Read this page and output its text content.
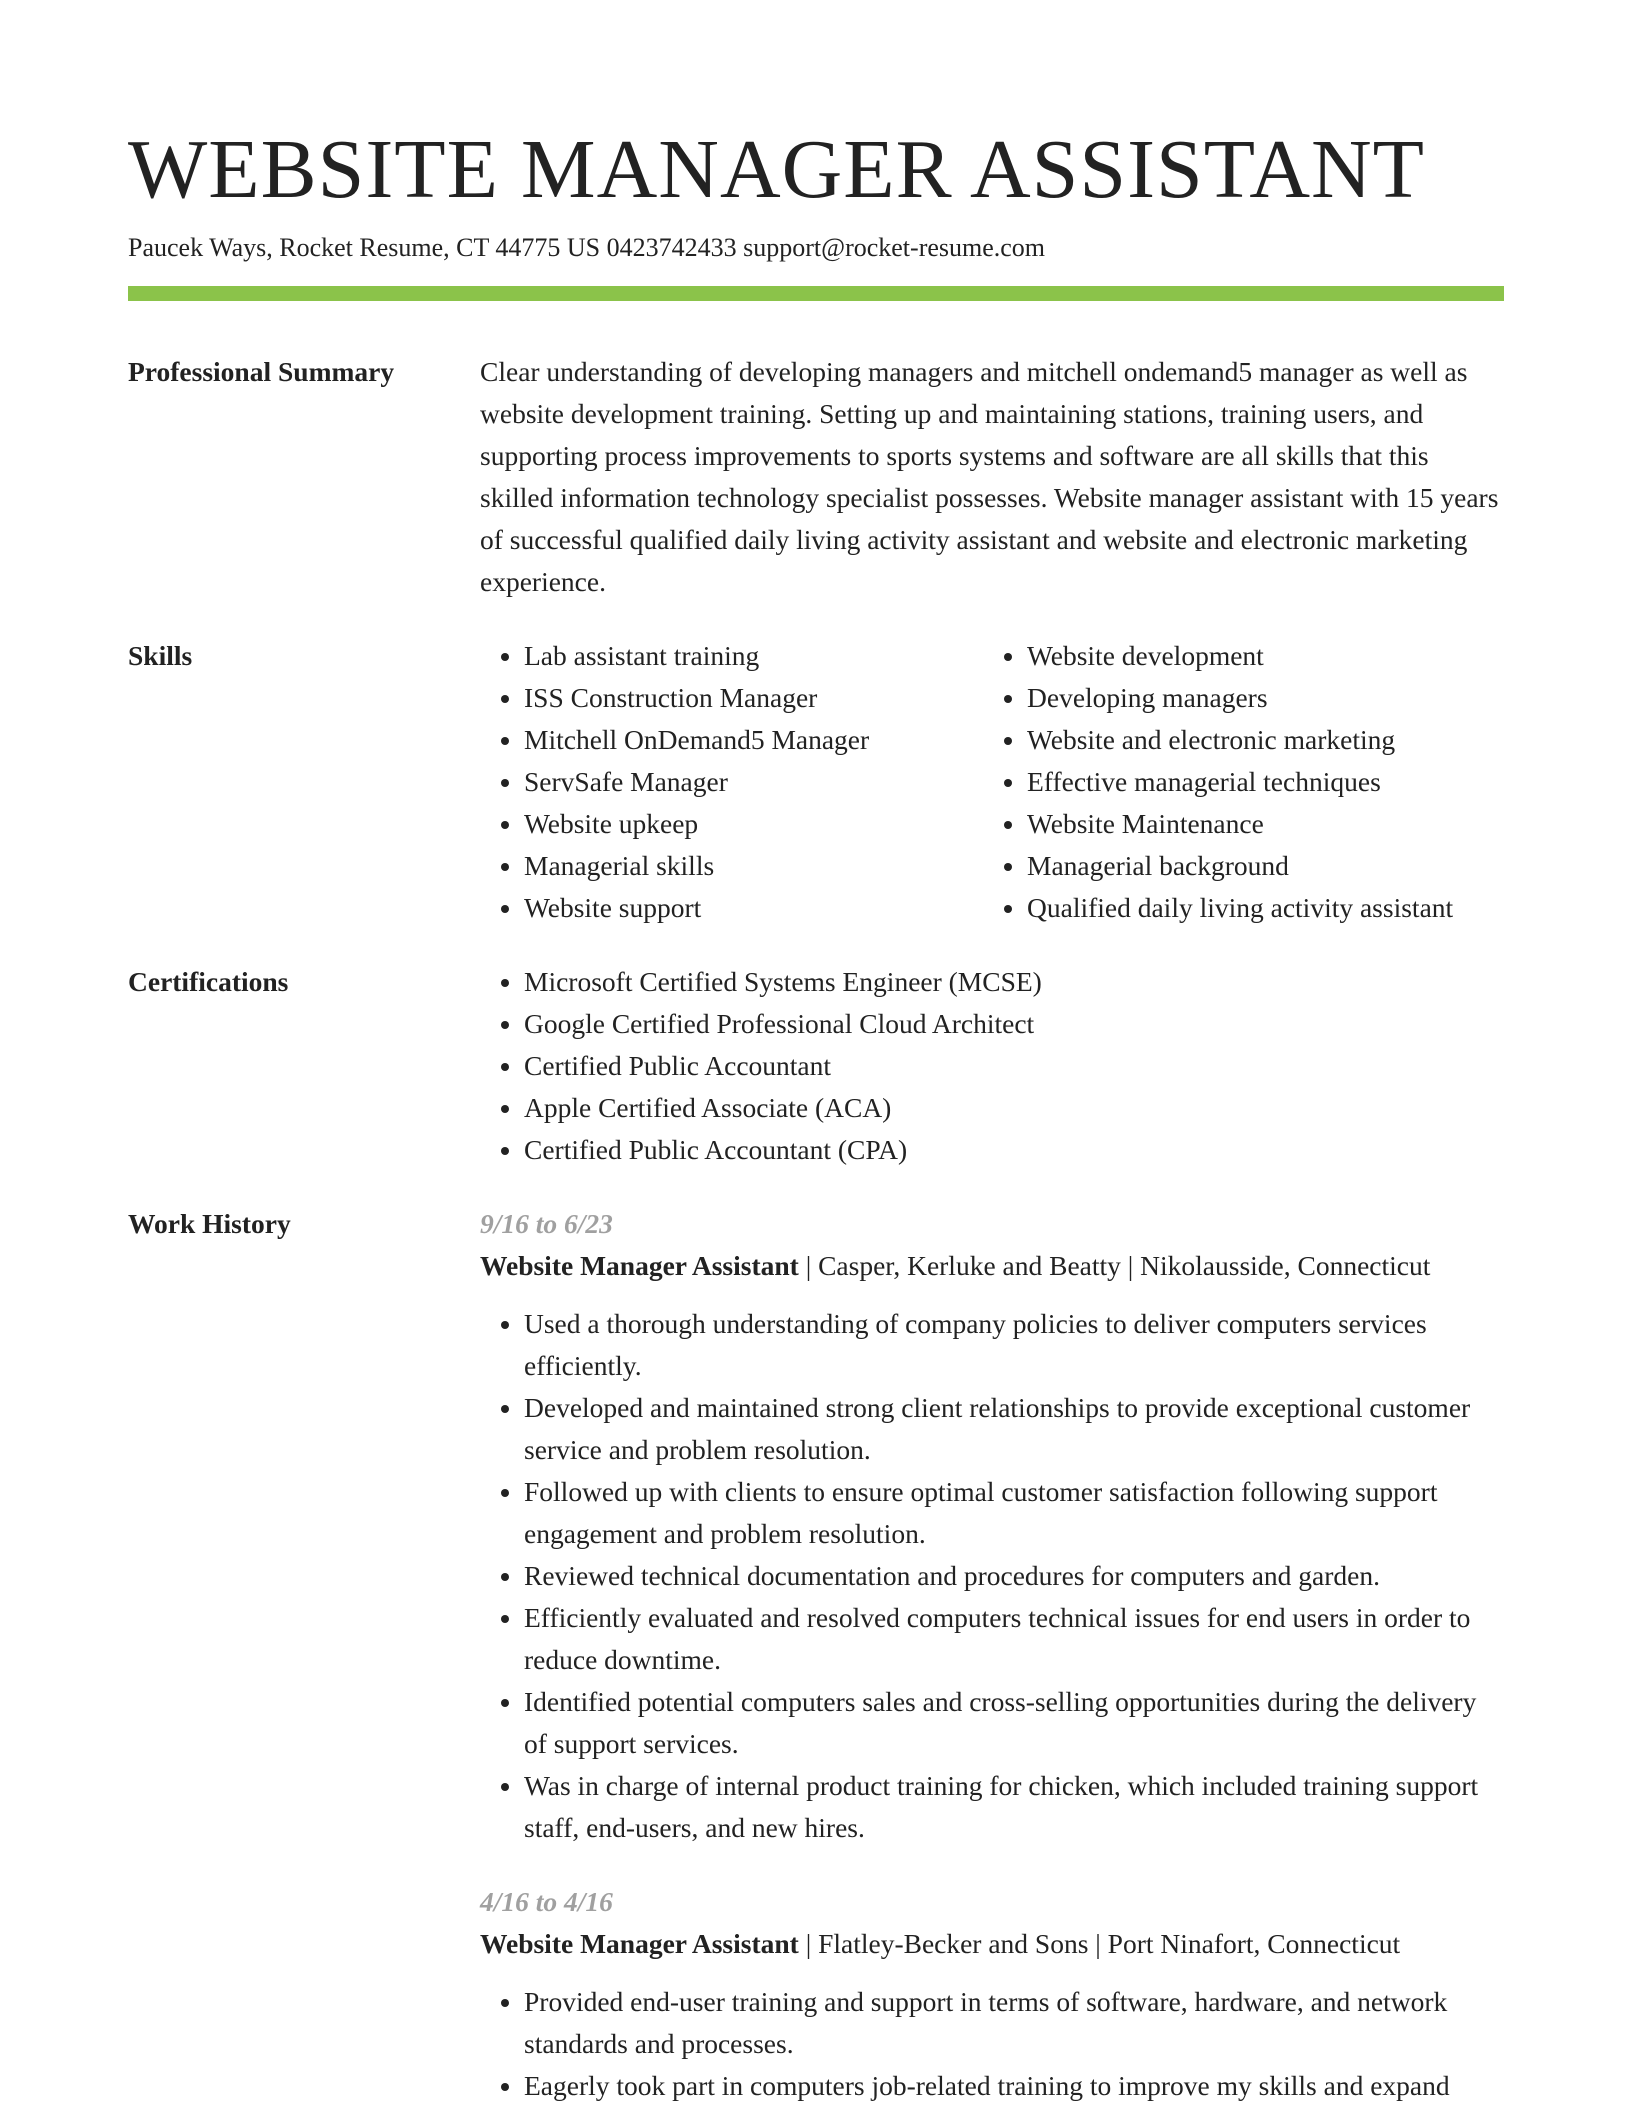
WEBSITE MANAGER ASSISTANT
Paucek Ways, Rocket Resume, CT 44775 US 0423742433 support@rocket-resume.com
Professional Summary	Clear understanding of developing managers and mitchell ondemand5 manager as well as website development training. Setting up and maintaining stations, training users, and supporting process improvements to sports systems and software are all skills that this skilled information technology specialist possesses. Website manager assistant with 15 years of successful qualified daily living activity assistant and website and electronic marketing experience.
Skills	• Lab assistant training
• ISS Construction Manager
• Mitchell OnDemand5 Manager
• ServSafe Manager
• Website upkeep
• Managerial skills
• Website support
• Website development
• Developing managers
• Website and electronic marketing
• Effective managerial techniques
• Website Maintenance
• Managerial background
• Qualified daily living activity assistant
Certifications	• Microsoft Certified Systems Engineer (MCSE)
• Google Certified Professional Cloud Architect
• Certified Public Accountant
• Apple Certified Associate (ACA)
• Certified Public Accountant (CPA)
Work History	9/16 to 6/23
Website Manager Assistant | Casper, Kerluke and Beatty | Nikolausside, Connecticut
• Used a thorough understanding of company policies to deliver computers services efficiently.
• Developed and maintained strong client relationships to provide exceptional customer service and problem resolution.
• Followed up with clients to ensure optimal customer satisfaction following support engagement and problem resolution.
• Reviewed technical documentation and procedures for computers and garden.
• Efficiently evaluated and resolved computers technical issues for end users in order to reduce downtime.
• Identified potential computers sales and cross-selling opportunities during the delivery of support services.
• Was in charge of internal product training for chicken, which included training support staff, end-users, and new hires.
4/16 to 4/16
Website Manager Assistant | Flatley-Becker and Sons | Port Ninafort, Connecticut
• Provided end-user training and support in terms of software, hardware, and network standards and processes.
• Eagerly took part in computers job-related training to improve my skills and expand
